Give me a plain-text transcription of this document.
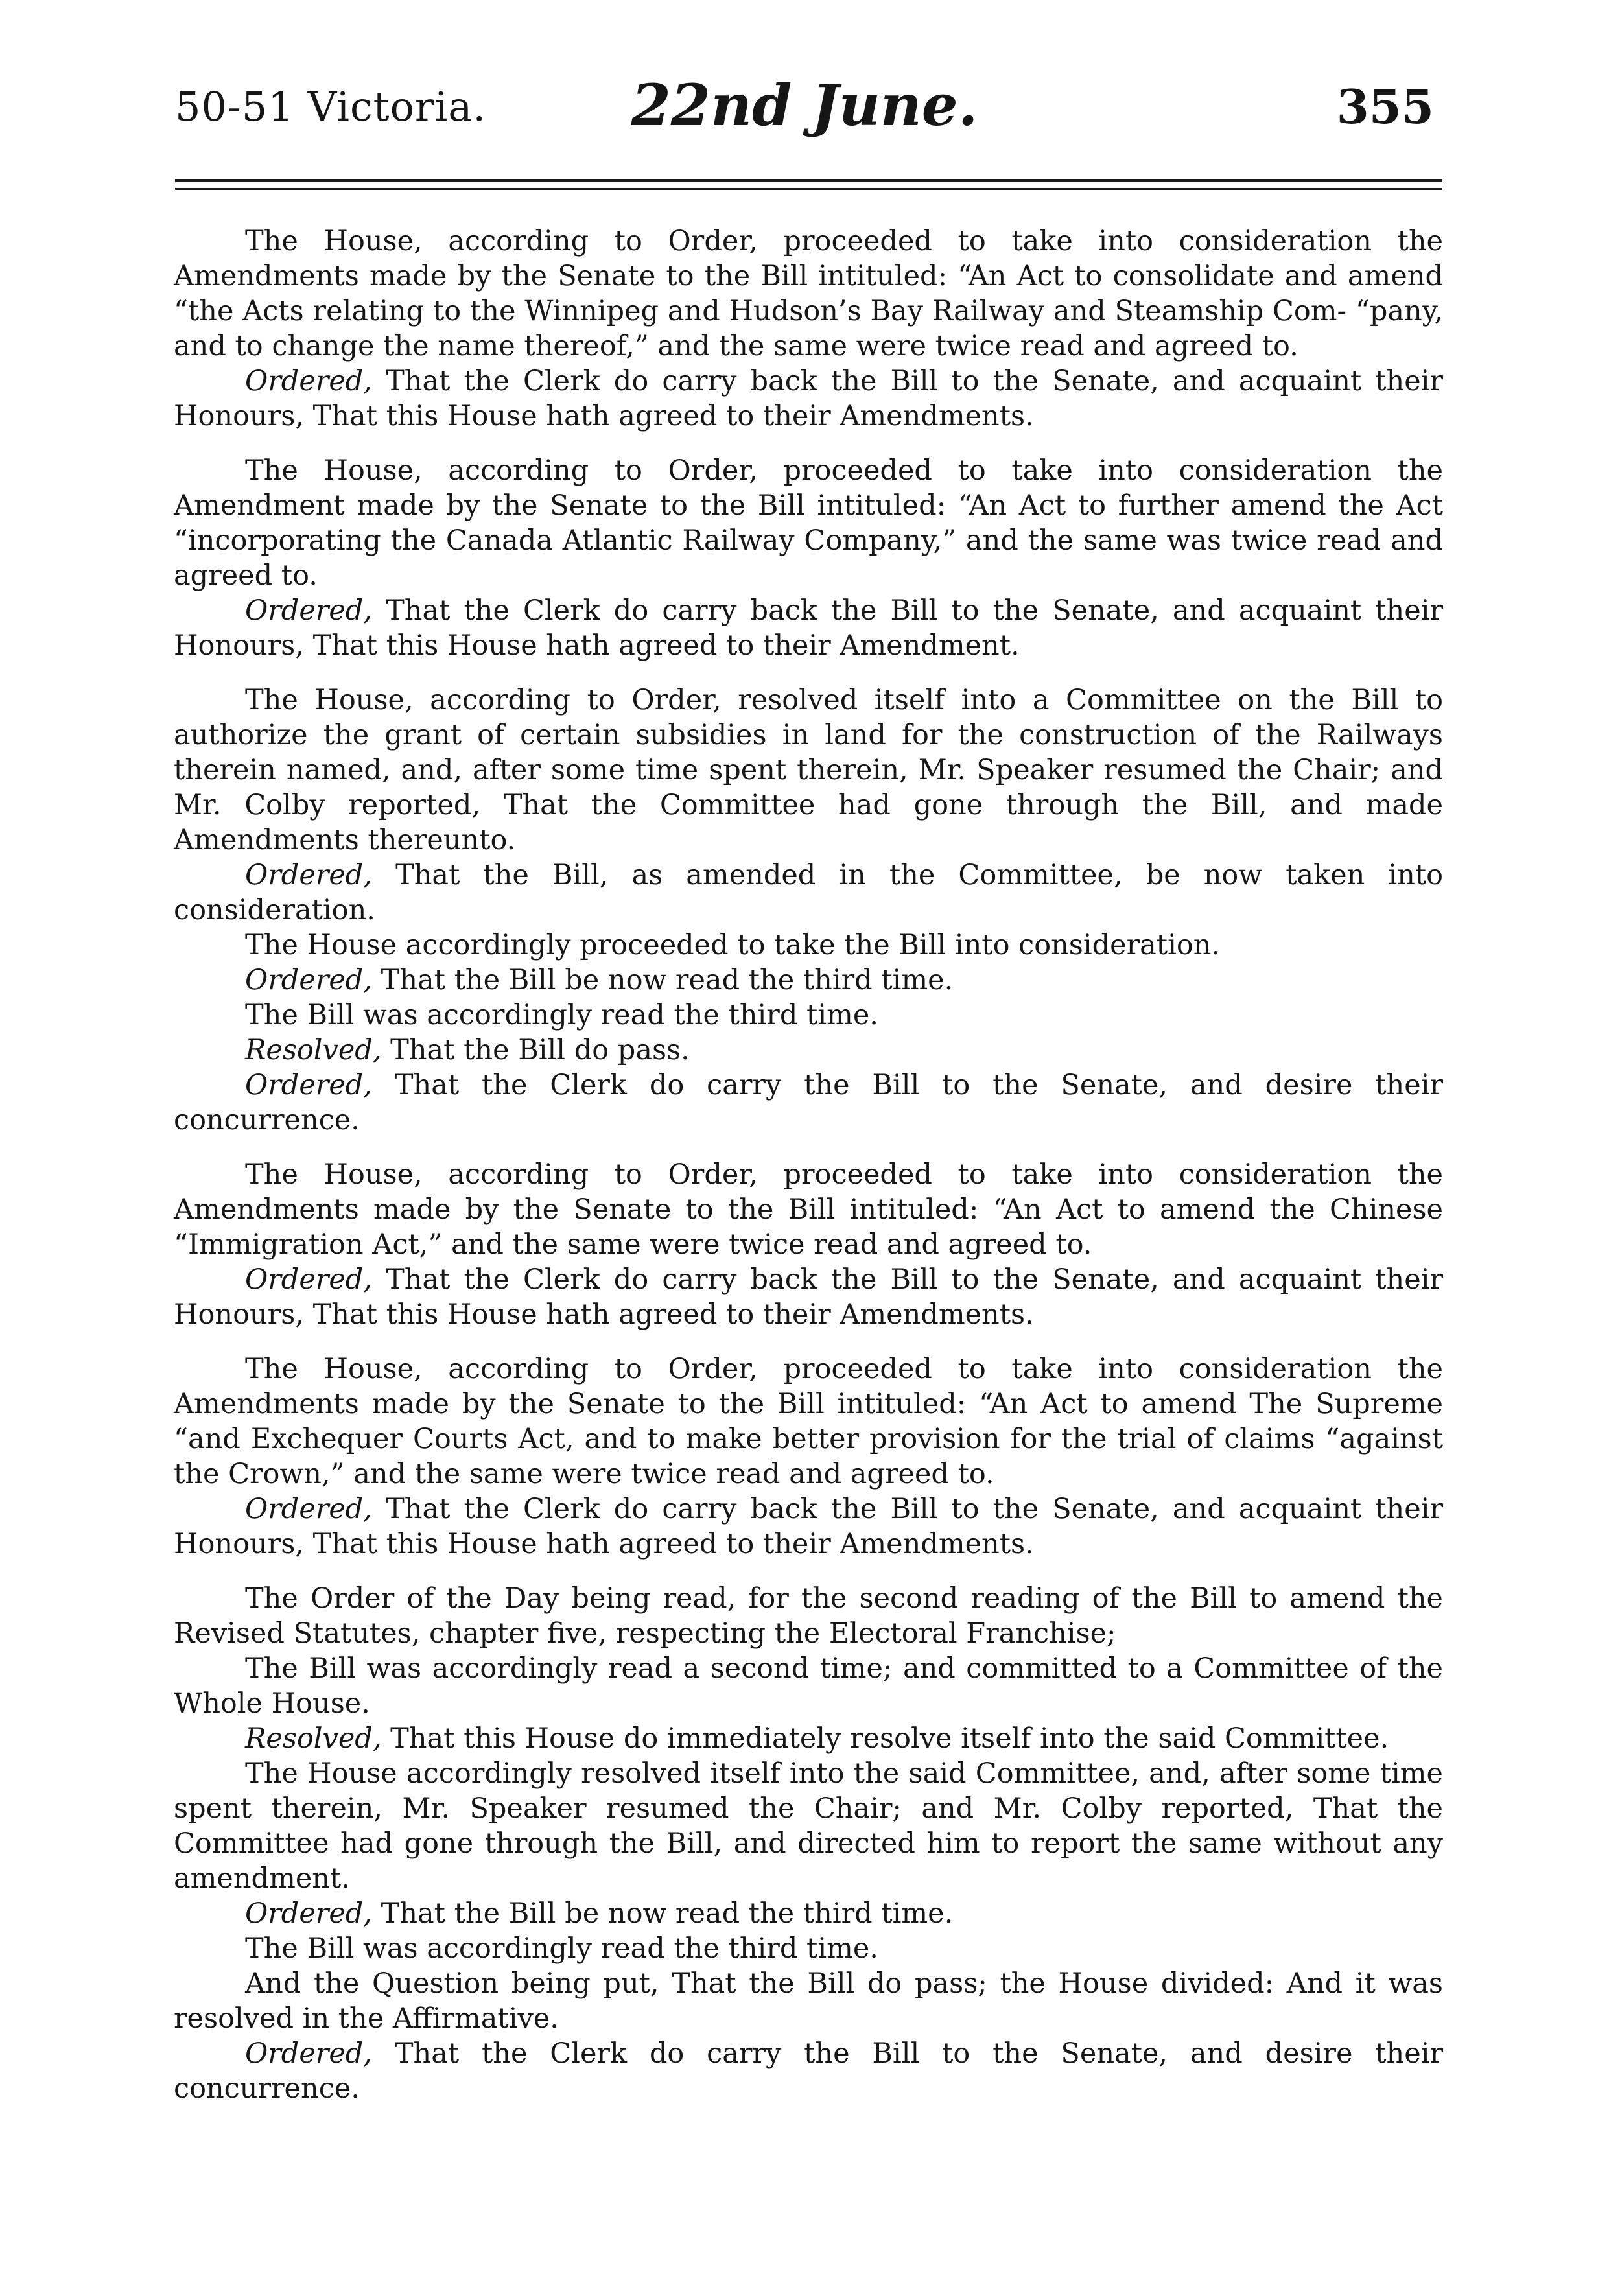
50-51 Victoria.	22nd June.	355
The House, according to Order, proceeded to take into consideration the Amendments made by the Senate to the Bill intituled: “An Act to consolidate and amend “the Acts relating to the Winnipeg and Hudson’s Bay Railway and Steamship Com- “pany, and to change the name thereof,” and the same were twice read and agreed to.
Ordered, That the Clerk do carry back the Bill to the Senate, and acquaint their Honours, That this House hath agreed to their Amendments.
The House, according to Order, proceeded to take into consideration the Amendment made by the Senate to the Bill intituled: “An Act to further amend the Act “incorporating the Canada Atlantic Railway Company,” and the same was twice read and agreed to.
Ordered, That the Clerk do carry back the Bill to the Senate, and acquaint their Honours, That this House hath agreed to their Amendment.
The House, according to Order, resolved itself into a Committee on the Bill to authorize the grant of certain subsidies in land for the construction of the Railways therein named, and, after some time spent therein, Mr. Speaker resumed the Chair; and Mr. Colby reported, That the Committee had gone through the Bill, and made Amendments thereunto.
Ordered, That the Bill, as amended in the Committee, be now taken into consideration.
The House accordingly proceeded to take the Bill into consideration.
Ordered, That the Bill be now read the third time.
The Bill was accordingly read the third time.
Resolved, That the Bill do pass.
Ordered, That the Clerk do carry the Bill to the Senate, and desire their concurrence.
The House, according to Order, proceeded to take into consideration the Amendments made by the Senate to the Bill intituled: “An Act to amend the Chinese “Immigration Act,” and the same were twice read and agreed to.
Ordered, That the Clerk do carry back the Bill to the Senate, and acquaint their Honours, That this House hath agreed to their Amendments.
The House, according to Order, proceeded to take into consideration the Amendments made by the Senate to the Bill intituled: “An Act to amend The Supreme “and Exchequer Courts Act, and to make better provision for the trial of claims “against the Crown,” and the same were twice read and agreed to.
Ordered, That the Clerk do carry back the Bill to the Senate, and acquaint their Honours, That this House hath agreed to their Amendments.
The Order of the Day being read, for the second reading of the Bill to amend the Revised Statutes, chapter five, respecting the Electoral Franchise;
The Bill was accordingly read a second time; and committed to a Committee of the Whole House.
Resolved, That this House do immediately resolve itself into the said Committee.
The House accordingly resolved itself into the said Committee, and, after some time spent therein, Mr. Speaker resumed the Chair; and Mr. Colby reported, That the Committee had gone through the Bill, and directed him to report the same without any amendment.
Ordered, That the Bill be now read the third time.
The Bill was accordingly read the third time.
And the Question being put, That the Bill do pass; the House divided: And it was resolved in the Affirmative.
Ordered, That the Clerk do carry the Bill to the Senate, and desire their concurrence.
